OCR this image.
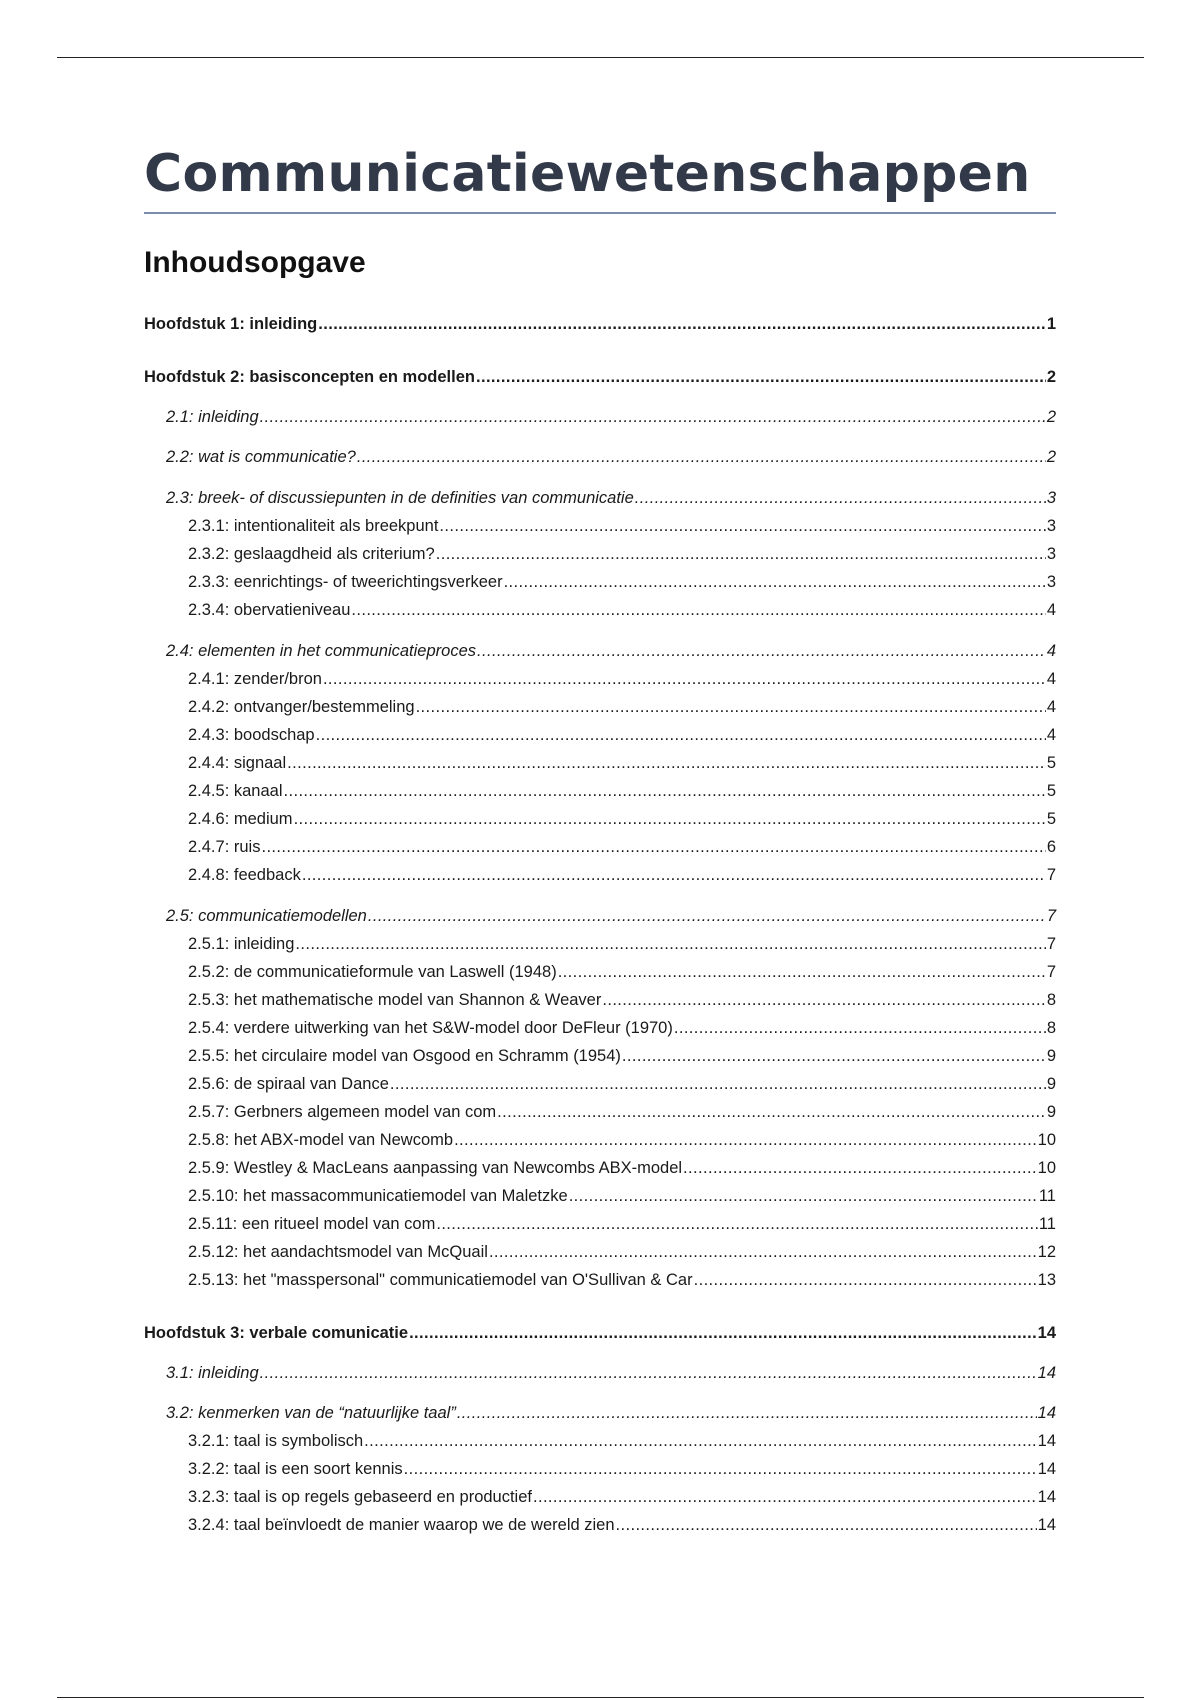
Communicatiewetenschappen
Inhoudsopgave
Hoofdstuk 1: inleiding .....	1
Hoofdstuk 2: basisconcepten en modellen .....	2
2.1: inleiding .....	2
2.2: wat is communicatie? .....	2
2.3: breek- of discussiepunten in de definities van communicatie .....	3
2.3.1: intentionaliteit als breekpunt .....	3
2.3.2: geslaagdheid als criterium? .....	3
2.3.3: eenrichtings- of tweerichtingsverkeer .....	3
2.3.4: obervatieniveau .....	4
2.4: elementen in het communicatieproces .....	4
2.4.1: zender/bron .....	4
2.4.2: ontvanger/bestemmeling .....	4
2.4.3: boodschap .....	4
2.4.4: signaal .....	5
2.4.5: kanaal .....	5
2.4.6: medium .....	5
2.4.7: ruis .....	6
2.4.8: feedback .....	7
2.5: communicatiemodellen .....	7
2.5.1: inleiding .....	7
2.5.2: de communicatieformule van Laswell (1948) .....	7
2.5.3: het mathematische model van Shannon & Weaver .....	8
2.5.4: verdere uitwerking van het S&W-model door DeFleur (1970) .....	8
2.5.5: het circulaire model van Osgood en Schramm (1954) .....	9
2.5.6: de spiraal van Dance .....	9
2.5.7: Gerbners algemeen model van com .....	9
2.5.8: het ABX-model van Newcomb .....	10
2.5.9: Westley & MacLeans aanpassing van Newcombs ABX-model .....	10
2.5.10: het massacommunicatiemodel van Maletzke .....	11
2.5.11: een ritueel model van com .....	11
2.5.12: het aandachtsmodel van McQuail .....	12
2.5.13: het "masspersonal" communicatiemodel van O'Sullivan & Car .....	13
Hoofdstuk 3: verbale comunicatie .....	14
3.1: inleiding .....	14
3.2: kenmerken van de “natuurlijke taal” .....	14
3.2.1: taal is symbolisch .....	14
3.2.2: taal is een soort kennis .....	14
3.2.3: taal is op regels gebaseerd en productief .....	14
3.2.4: taal beïnvloedt de manier waarop we de wereld zien .....	14
